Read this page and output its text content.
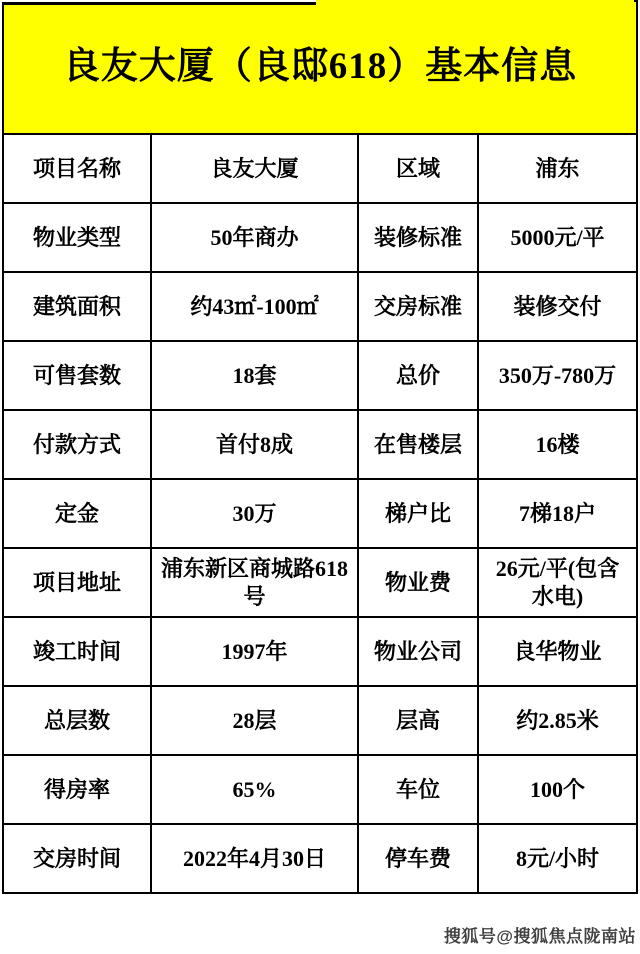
良友大厦（良邸618）基本信息			
项目名称	良友大厦	区域	浦东
物业类型	50年商办	装修标准	5000元/平
建筑面积	约43㎡-100㎡	交房标准	装修交付
可售套数	18套	总价	350万-780万
付款方式	首付8成	在售楼层	16楼
定金	30万	梯户比	7梯18户
项目地址	浦东新区商城路618号	物业费	26元/平(包含水电)
竣工时间	1997年	物业公司	良华物业
总层数	28层	层高	约2.85米
得房率	65%	车位	100个
交房时间	2022年4月30日	停车费	8元/小时
搜狐号@搜狐焦点陇南站
